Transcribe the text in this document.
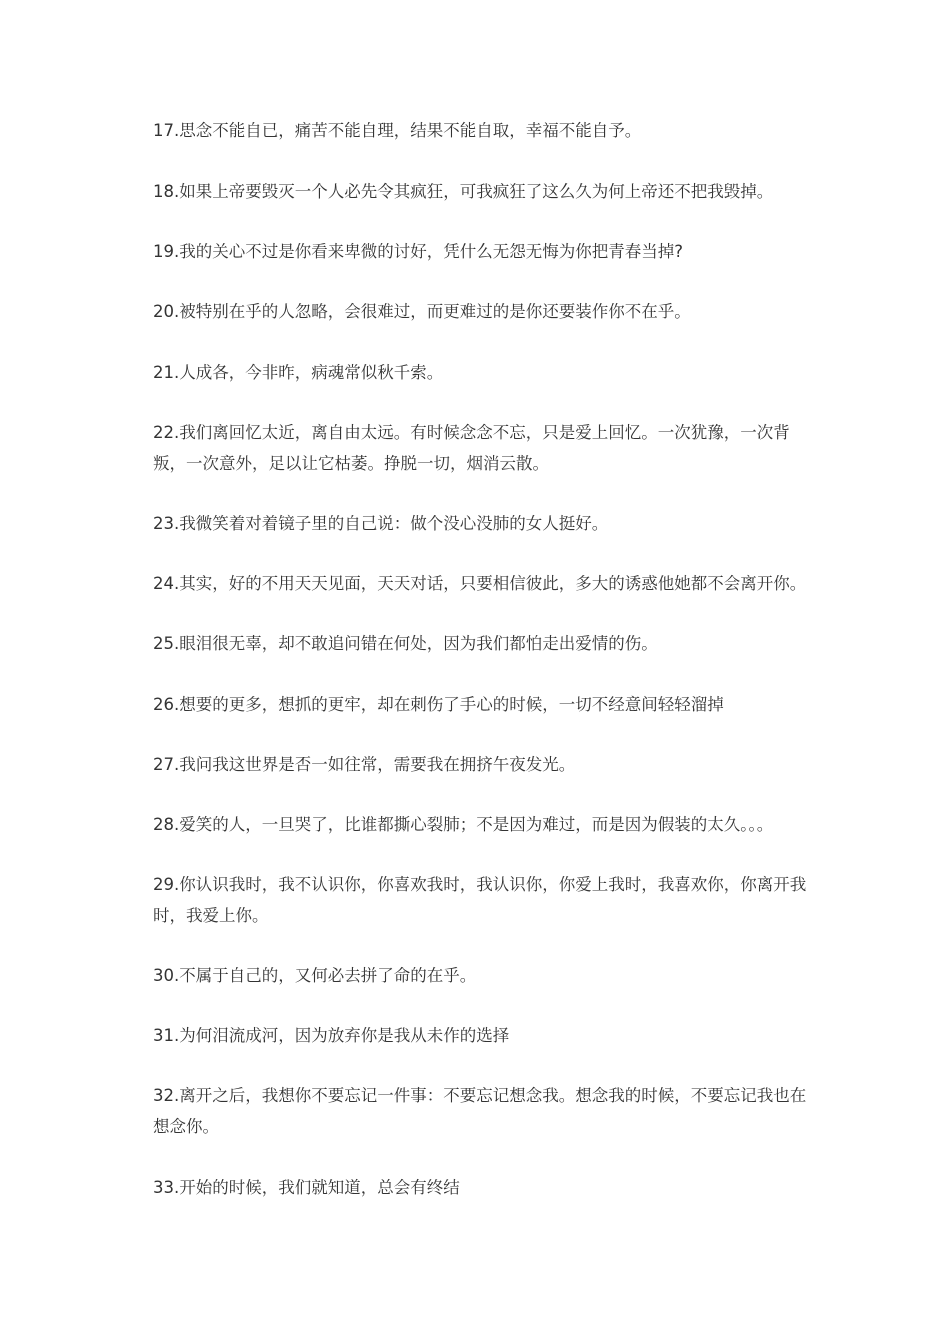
17.思念不能自已，痛苦不能自理，结果不能自取，幸福不能自予。

18.如果上帝要毁灭一个人必先令其疯狂，可我疯狂了这么久为何上帝还不把我毁掉。

19.我的关心不过是你看来卑微的讨好，凭什么无怨无悔为你把青春当掉?

20.被特别在乎的人忽略，会很难过，而更难过的是你还要装作你不在乎。

21.人成各，今非昨，病魂常似秋千索。

22.我们离回忆太近，离自由太远。有时候念念不忘，只是爱上回忆。一次犹豫，一次背叛，一次意外，足以让它枯萎。挣脱一切，烟消云散。

23.我微笑着对着镜子里的自己说：做个没心没肺的女人挺好。

24.其实，好的不用天天见面，天天对话，只要相信彼此，多大的诱惑他她都不会离开你。

25.眼泪很无辜，却不敢追问错在何处，因为我们都怕走出爱情的伤。

26.想要的更多，想抓的更牢，却在刺伤了手心的时候，一切不经意间轻轻溜掉

27.我问我这世界是否一如往常，需要我在拥挤午夜发光。

28.爱笑的人，一旦哭了，比谁都撕心裂肺；不是因为难过，而是因为假装的太久。。。

29.你认识我时，我不认识你，你喜欢我时，我认识你，你爱上我时，我喜欢你，你离开我时，我爱上你。

30.不属于自己的，又何必去拼了命的在乎。

31.为何泪流成河，因为放弃你是我从未作的选择

32.离开之后，我想你不要忘记一件事：不要忘记想念我。想念我的时候，不要忘记我也在想念你。

33.开始的时候，我们就知道，总会有终结
